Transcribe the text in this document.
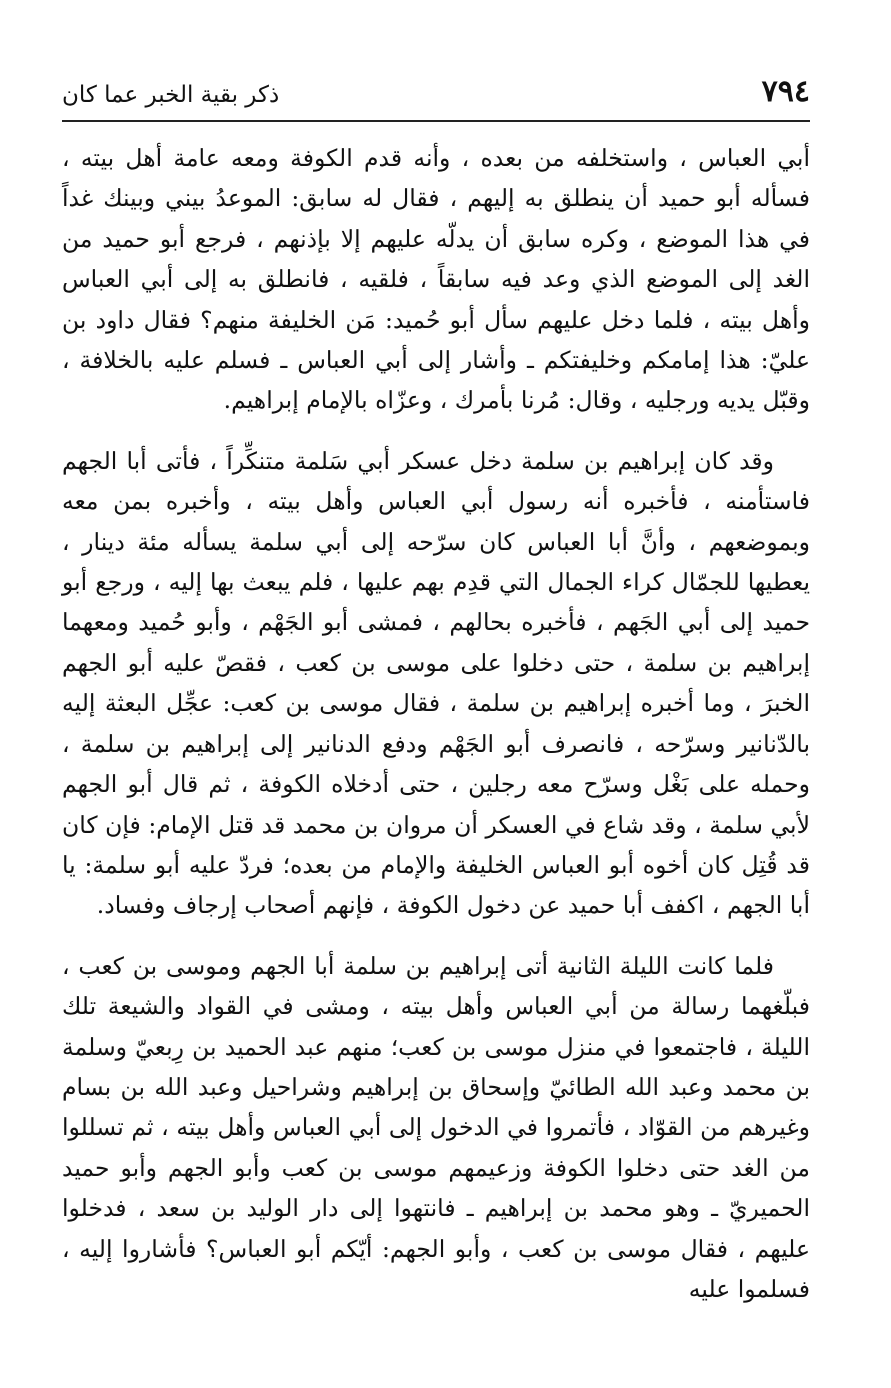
٧٩٤
ذكر بقية الخبر عما كان

أبي العباس ، واستخلفه من بعده ، وأنه قدم الكوفة ومعه عامة أهل بيته ، فسأله أبو حميد أن ينطلق به إليهم ، فقال له سابق: الموعدُ بيني وبينك غداً في هذا الموضع ، وكره سابق أن يدلّه عليهم إلا بإذنهم ، فرجع أبو حميد من الغد إلى الموضع الذي وعد فيه سابقاً ، فلقيه ، فانطلق به إلى أبي العباس وأهل بيته ، فلما دخل عليهم سأل أبو حُميد: مَن الخليفة منهم؟ فقال داود بن عليّ: هذا إمامكم وخليفتكم ـ وأشار إلى أبي العباس ـ فسلم عليه بالخلافة ، وقبّل يديه ورجليه ، وقال: مُرنا بأمرك ، وعزّاه بالإمام إبراهيم.

وقد كان إبراهيم بن سلمة دخل عسكر أبي سَلمة متنكِّراً ، فأتى أبا الجهم فاستأمنه ، فأخبره أنه رسول أبي العباس وأهل بيته ، وأخبره بمن معه وبموضعهم ، وأنَّ أبا العباس كان سرّحه إلى أبي سلمة يسأله مئة دينار ، يعطيها للجمّال كراء الجمال التي قدِم بهم عليها ، فلم يبعث بها إليه ، ورجع أبو حميد إلى أبي الجَهم ، فأخبره بحالهم ، فمشى أبو الجَهْم ، وأبو حُميد ومعهما إبراهيم بن سلمة ، حتى دخلوا على موسى بن كعب ، فقصّ عليه أبو الجهم الخبرَ ، وما أخبره إبراهيم بن سلمة ، فقال موسى بن كعب: عجِّل البعثة إليه بالدّنانير وسرّحه ، فانصرف أبو الجَهْم ودفع الدنانير إلى إبراهيم بن سلمة ، وحمله على بَغْل وسرّح معه رجلين ، حتى أدخلاه الكوفة ، ثم قال أبو الجهم لأبي سلمة ، وقد شاع في العسكر أن مروان بن محمد قد قتل الإمام: فإن كان قد قُتِل كان أخوه أبو العباس الخليفة والإمام من بعده؛ فردّ عليه أبو سلمة: يا أبا الجهم ، اكفف أبا حميد عن دخول الكوفة ، فإنهم أصحاب إرجاف وفساد.

فلما كانت الليلة الثانية أتى إبراهيم بن سلمة أبا الجهم وموسى بن كعب ، فبلّغهما رسالة من أبي العباس وأهل بيته ، ومشى في القواد والشيعة تلك الليلة ، فاجتمعوا في منزل موسى بن كعب؛ منهم عبد الحميد بن رِبعيّ وسلمة بن محمد وعبد الله الطائيّ وإسحاق بن إبراهيم وشراحيل وعبد الله بن بسام وغيرهم من القوّاد ، فأتمروا في الدخول إلى أبي العباس وأهل بيته ، ثم تسللوا من الغد حتى دخلوا الكوفة وزعيمهم موسى بن كعب وأبو الجهم وأبو حميد الحميريّ ـ وهو محمد بن إبراهيم ـ فانتهوا إلى دار الوليد بن سعد ، فدخلوا عليهم ، فقال موسى بن كعب ، وأبو الجهم: أيّكم أبو العباس؟ فأشاروا إليه ، فسلموا عليه
